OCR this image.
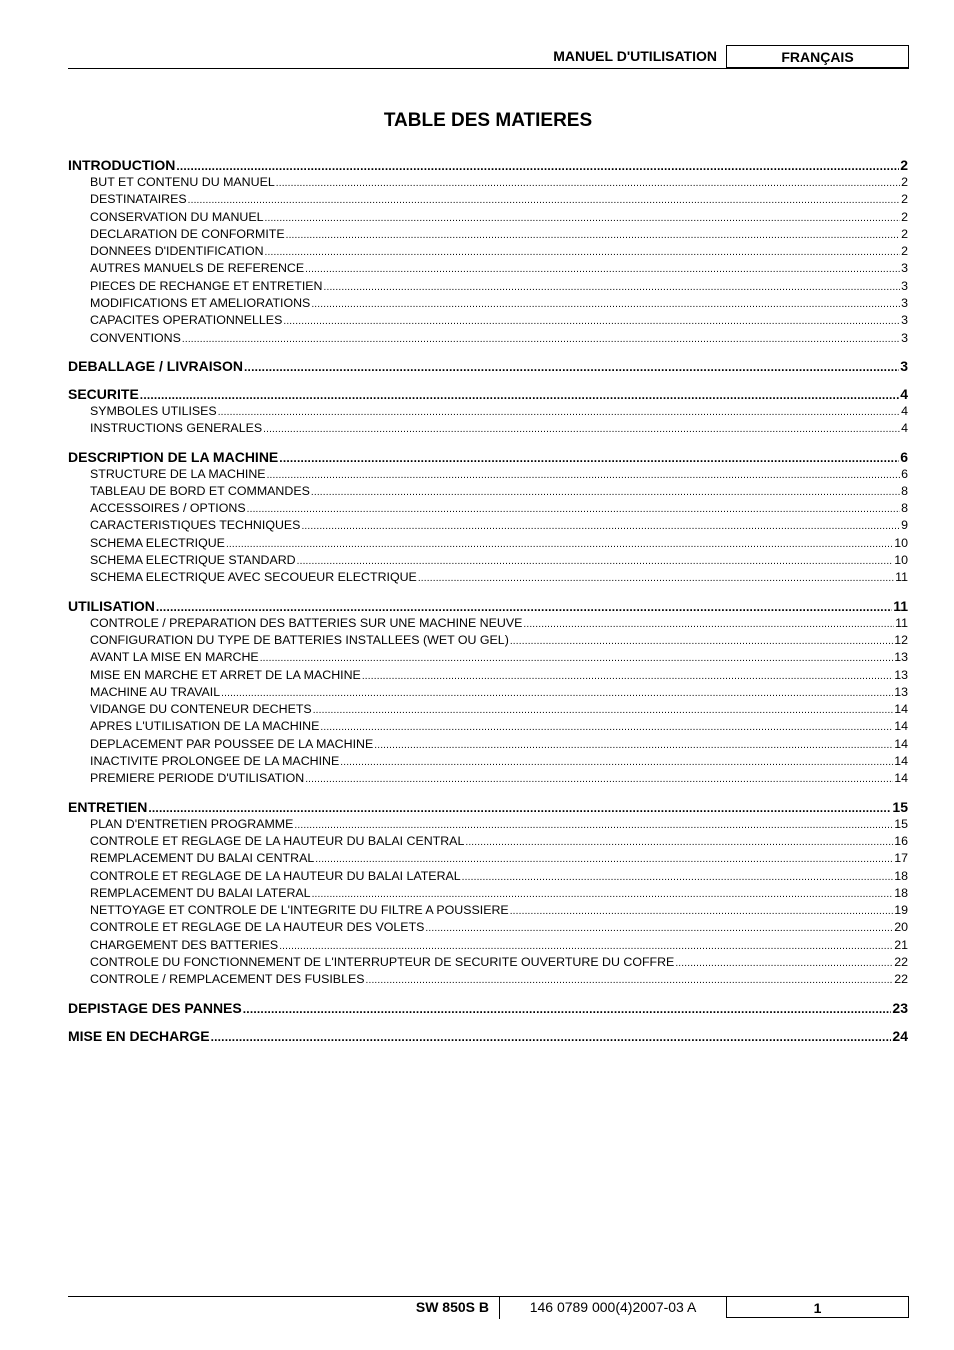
MANUEL D'UTILISATION	FRANÇAIS
TABLE DES MATIERES
INTRODUCTION .....	2
BUT ET CONTENU DU MANUEL .....	2
DESTINATAIRES .....	2
CONSERVATION DU MANUEL .....	2
DECLARATION DE CONFORMITE .....	2
DONNEES D'IDENTIFICATION .....	2
AUTRES MANUELS DE REFERENCE .....	3
PIECES DE RECHANGE ET ENTRETIEN .....	3
MODIFICATIONS ET AMELIORATIONS .....	3
CAPACITES OPERATIONNELLES .....	3
CONVENTIONS .....	3
DEBALLAGE / LIVRAISON .....	3
SECURITE .....	4
SYMBOLES UTILISES .....	4
INSTRUCTIONS GENERALES .....	4
DESCRIPTION DE LA MACHINE .....	6
STRUCTURE DE LA MACHINE .....	6
TABLEAU DE BORD ET COMMANDES .....	8
ACCESSOIRES / OPTIONS .....	8
CARACTERISTIQUES TECHNIQUES .....	9
SCHEMA ELECTRIQUE .....	10
SCHEMA ELECTRIQUE STANDARD .....	10
SCHEMA ELECTRIQUE AVEC SECOUEUR ELECTRIQUE .....	11
UTILISATION .....	11
CONTROLE / PREPARATION DES BATTERIES SUR UNE MACHINE NEUVE .....	11
CONFIGURATION DU TYPE DE BATTERIES INSTALLEES (WET OU GEL) .....	12
AVANT LA MISE EN MARCHE .....	13
MISE EN MARCHE ET ARRET DE LA MACHINE .....	13
MACHINE AU TRAVAIL .....	13
VIDANGE DU CONTENEUR DECHETS .....	14
APRES L'UTILISATION DE LA MACHINE .....	14
DEPLACEMENT PAR POUSSEE DE LA MACHINE .....	14
INACTIVITE PROLONGEE DE LA MACHINE .....	14
PREMIERE PERIODE D'UTILISATION .....	14
ENTRETIEN .....	15
PLAN D'ENTRETIEN PROGRAMME .....	15
CONTROLE ET REGLAGE DE LA HAUTEUR DU BALAI CENTRAL .....	16
REMPLACEMENT DU BALAI CENTRAL .....	17
CONTROLE ET REGLAGE DE LA HAUTEUR DU BALAI LATERAL .....	18
REMPLACEMENT DU BALAI LATERAL .....	18
NETTOYAGE ET CONTROLE DE L'INTEGRITE DU FILTRE A POUSSIERE .....	19
CONTROLE ET REGLAGE DE LA HAUTEUR DES VOLETS .....	20
CHARGEMENT DES BATTERIES .....	21
CONTROLE DU FONCTIONNEMENT DE L'INTERRUPTEUR DE SECURITE OUVERTURE DU COFFRE .....	22
CONTROLE / REMPLACEMENT DES FUSIBLES .....	22
DEPISTAGE DES PANNES .....	23
MISE EN DECHARGE .....	24
SW 850S B	146 0789 000(4)2007-03 A	1
